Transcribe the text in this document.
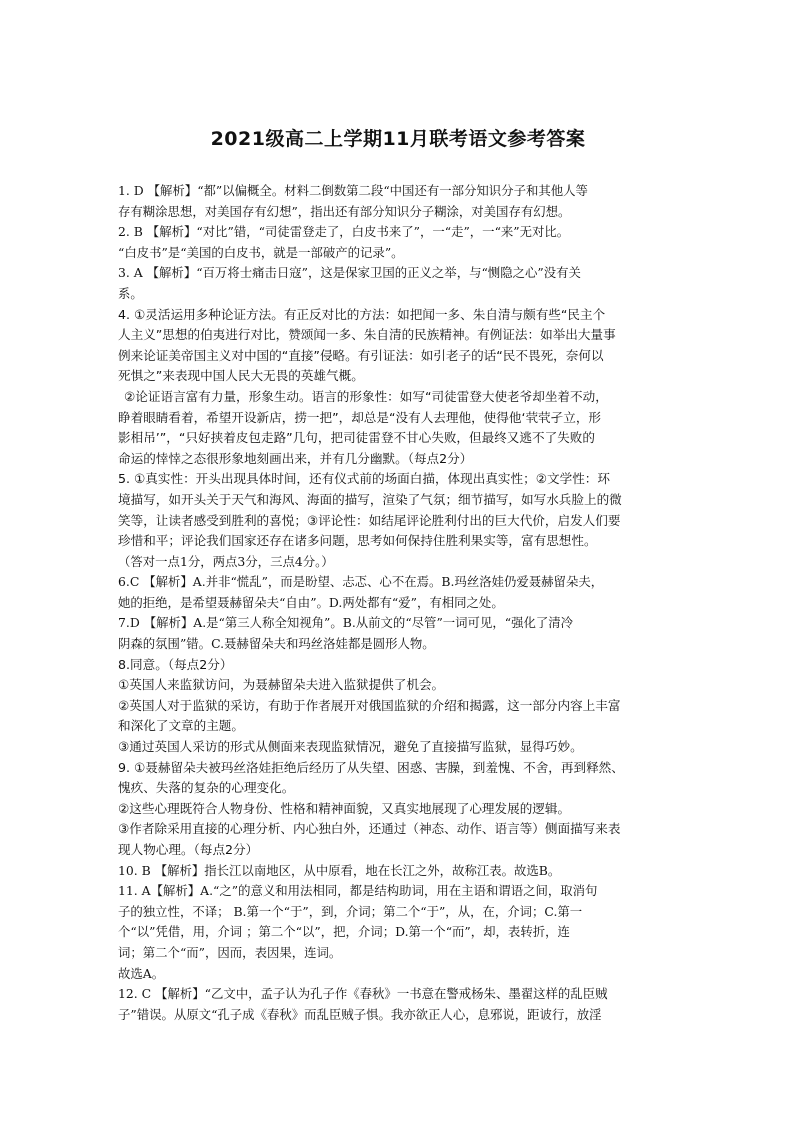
2021级高二上学期11月联考语文参考答案
1. D 【解析】“都”以偏概全。材料二倒数第二段“中国还有一部分知识分子和其他人等
存有糊涂思想，对美国存有幻想”，指出还有部分知识分子糊涂，对美国存有幻想。
2. B 【解析】“对比”错，“司徒雷登走了，白皮书来了”，一“走”，一“来”无对比。
“白皮书”是“美国的白皮书，就是一部破产的记录”。
3. A 【解析】“百万将士痛击日寇”，这是保家卫国的正义之举，与“恻隐之心”没有关
系。
4. ①灵活运用多种论证方法。有正反对比的方法：如把闻一多、朱自清与颇有些“民主个
人主义”思想的伯夷进行对比，赞颂闻一多、朱自清的民族精神。有例证法：如举出大量事
例来论证美帝国主义对中国的“直接”侵略。有引证法：如引老子的话“民不畏死，奈何以
死惧之”来表现中国人民大无畏的英雄气概。
②论证语言富有力量，形象生动。语言的形象性：如写“司徒雷登大使老爷却坐着不动，
睁着眼睛看着，希望开设新店，捞一把”，却总是“没有人去理他，使得他‘茕茕孑立，形
影相吊’”，“只好挟着皮包走路”几句，把司徒雷登不甘心失败，但最终又逃不了失败的
命运的悻悻之态很形象地刻画出来，并有几分幽默。（每点2分）
5. ①真实性：开头出现具体时间，还有仪式前的场面白描，体现出真实性；②文学性：环
境描写，如开头关于天气和海风、海面的描写，渲染了气氛；细节描写，如写水兵脸上的微
笑等，让读者感受到胜利的喜悦；③评论性：如结尾评论胜利付出的巨大代价，启发人们要
珍惜和平；评论我们国家还存在诸多问题，思考如何保持住胜利果实等，富有思想性。
（答对一点1分，两点3分，三点4分。）
6.C 【解析】A.并非“慌乱”，而是盼望、忐忑、心不在焉。B.玛丝洛娃仍爱聂赫留朵夫，
她的拒绝，是希望聂赫留朵夫“自由”。D.两处都有“爱”，有相同之处。
7.D 【解析】A.是“第三人称全知视角”。B.从前文的“尽管”一词可见，“强化了清冷
阴森的氛围”错。C.聂赫留朵夫和玛丝洛娃都是圆形人物。
8.同意。（每点2分）
①英国人来监狱访问，为聂赫留朵夫进入监狱提供了机会。
②英国人对于监狱的采访，有助于作者展开对俄国监狱的介绍和揭露，这一部分内容上丰富
和深化了文章的主题。
③通过英国人采访的形式从侧面来表现监狱情况，避免了直接描写监狱，显得巧妙。
9. ①聂赫留朵夫被玛丝洛娃拒绝后经历了从失望、困惑、害臊，到羞愧、不舍，再到释然、
愧疚、失落的复杂的心理变化。
②这些心理既符合人物身份、性格和精神面貌，又真实地展现了心理发展的逻辑。
③作者除采用直接的心理分析、内心独白外，还通过（神态、动作、语言等）侧面描写来表
现人物心理。（每点2分）
10. B 【解析】指长江以南地区，从中原看，地在长江之外，故称江表。故选B。
11. A【解析】A.“之”的意义和用法相同，都是结构助词，用在主语和谓语之间，取消句
子的独立性，不译； B.第一个“于”，到，介词；第二个“于”，从，在，介词；C.第一
个“以”凭借，用，介词 ；第二个“以”，把，介词；D.第一个“而”，却，表转折，连
词；第二个“而”，因而，表因果，连词。
故选A。
12. C 【解析】“乙文中，孟子认为孔子作《春秋》一书意在警戒杨朱、墨翟这样的乱臣贼
子”错误。从原文“孔子成《春秋》而乱臣贼子惧。我亦欲正人心，息邪说，距诐行，放淫
